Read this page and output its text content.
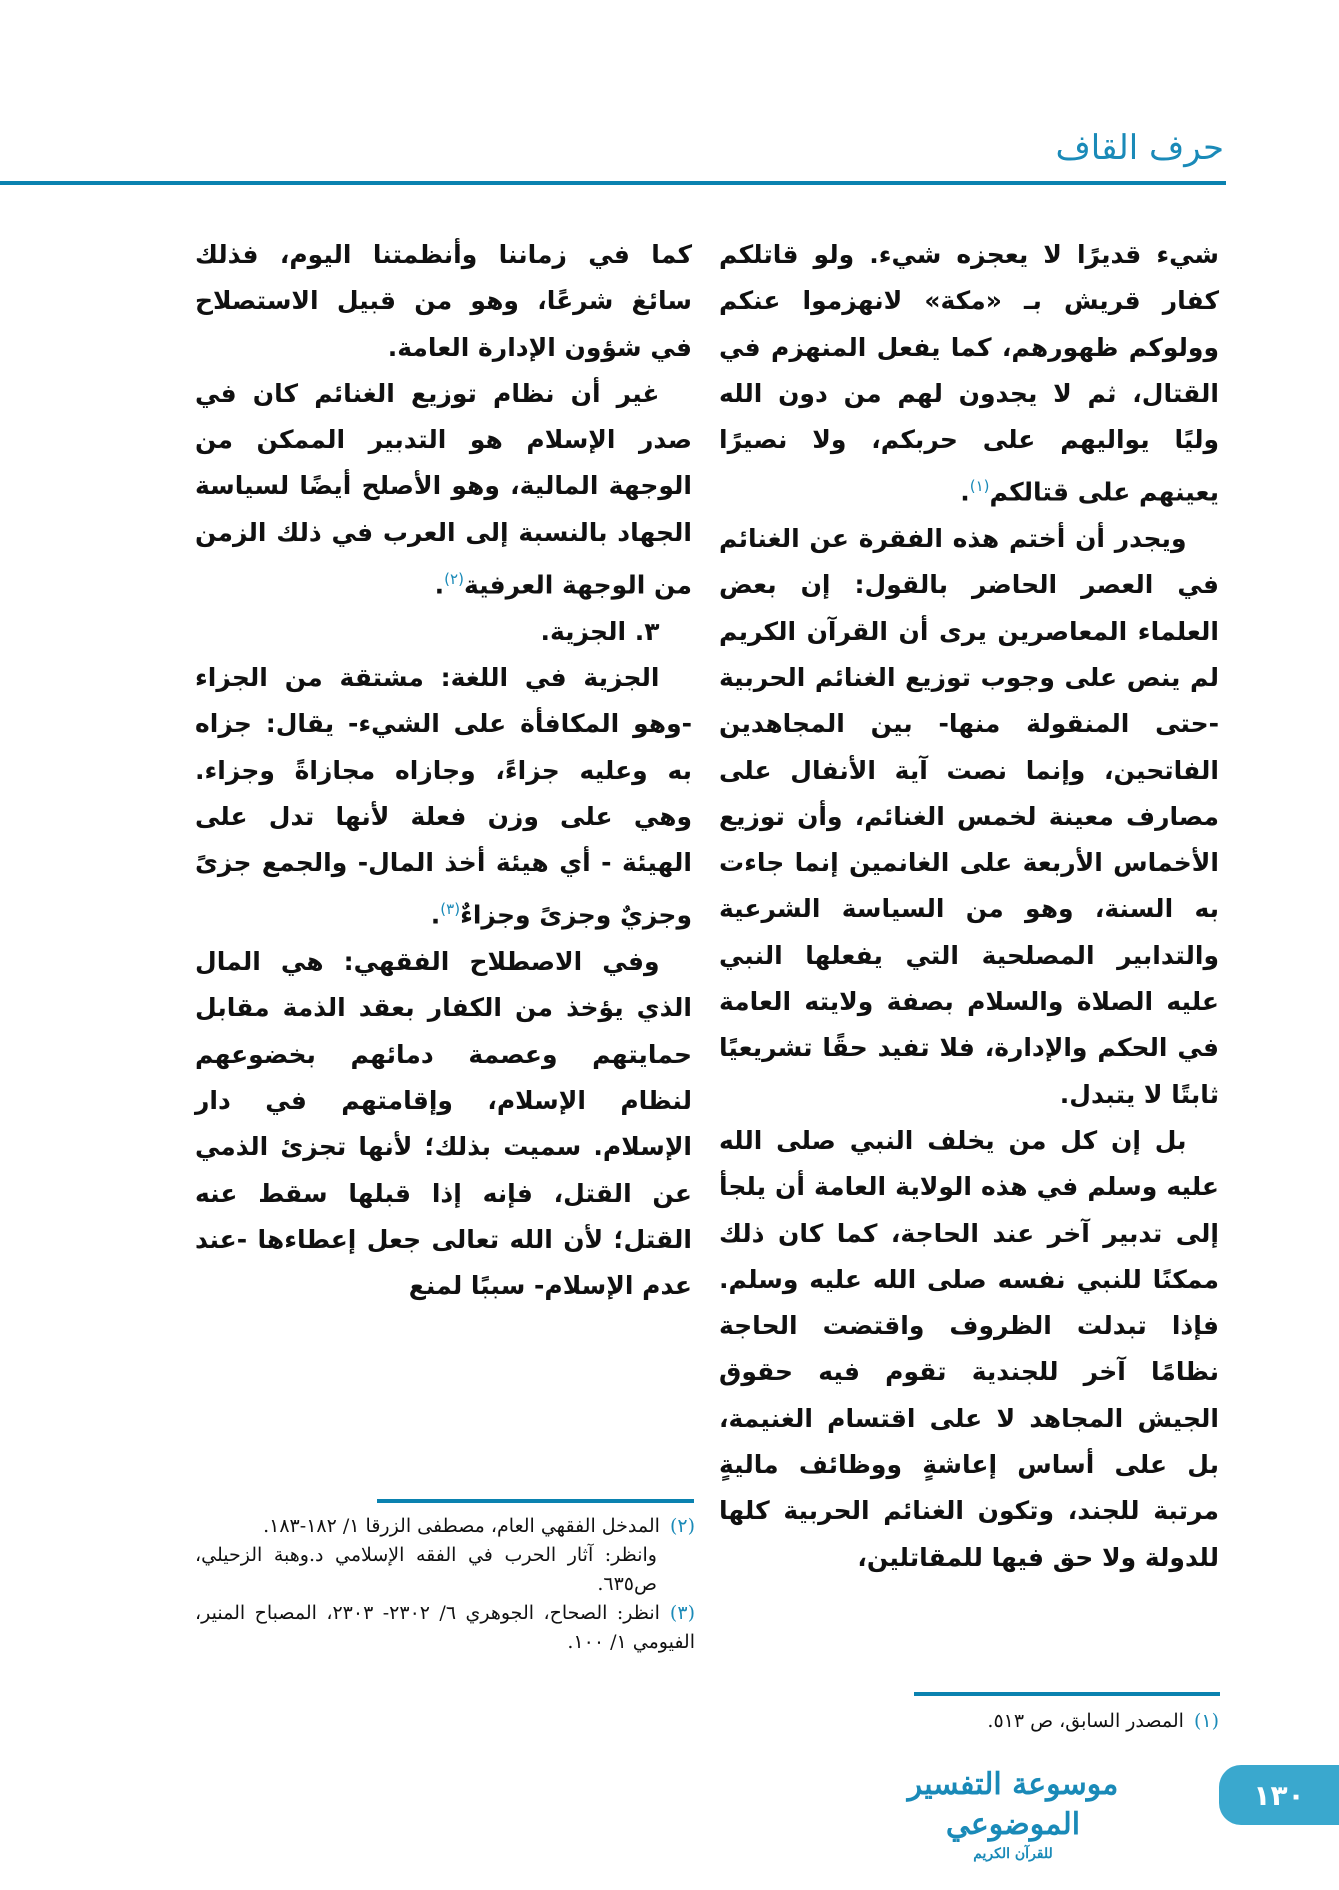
حرف القاف

شيء قديرًا لا يعجزه شيء. ولو قاتلكم كفار قريش بـ «مكة» لانهزموا عنكم وولوكم ظهورهم، كما يفعل المنهزم في القتال، ثم لا يجدون لهم من دون الله وليًا يواليهم على حربكم، ولا نصيرًا يعينهم على قتالكم$^{(١)}$.

ويجدر أن أختم هذه الفقرة عن الغنائم في العصر الحاضر بالقول: إن بعض العلماء المعاصرين يرى أن القرآن الكريم لم ينص على وجوب توزيع الغنائم الحربية -حتى المنقولة منها- بين المجاهدين الفاتحين، وإنما نصت آية الأنفال على مصارف معينة لخمس الغنائم، وأن توزيع الأخماس الأربعة على الغانمين إنما جاءت به السنة، وهو من السياسة الشرعية والتدابير المصلحية التي يفعلها النبي عليه الصلاة والسلام بصفة ولايته العامة في الحكم والإدارة، فلا تفيد حقًا تشريعيًا ثابتًا لا يتبدل.

بل إن كل من يخلف النبي صلى الله عليه وسلم في هذه الولاية العامة أن يلجأ إلى تدبير آخر عند الحاجة، كما كان ذلك ممكنًا للنبي نفسه صلى الله عليه وسلم. فإذا تبدلت الظروف واقتضت الحاجة نظامًا آخر للجندية تقوم فيه حقوق الجيش المجاهد لا على اقتسام الغنيمة، بل على أساس إعاشةٍ ووظائف ماليةٍ مرتبة للجند، وتكون الغنائم الحربية كلها للدولة ولا حق فيها للمقاتلين،

(١)المصدر السابق، ص ٥١٣.

كما في زماننا وأنظمتنا اليوم، فذلك سائغ شرعًا، وهو من قبيل الاستصلاح في شؤون الإدارة العامة.

غير أن نظام توزيع الغنائم كان في صدر الإسلام هو التدبير الممكن من الوجهة المالية، وهو الأصلح أيضًا لسياسة الجهاد بالنسبة إلى العرب في ذلك الزمن من الوجهة العرفية$^{(٢)}$.

٣. الجزية.

الجزية في اللغة: مشتقة من الجزاء -وهو المكافأة على الشيء- يقال: جزاه به وعليه جزاءً، وجازاه مجازاةً وجزاء. وهي على وزن فعلة لأنها تدل على الهيئة - أي هيئة أخذ المال- والجمع جزىً وجزيٌ وجزىً وجزاءٌ$^{(٣)}$.

وفي الاصطلاح الفقهي: هي المال الذي يؤخذ من الكفار بعقد الذمة مقابل حمايتهم وعصمة دمائهم بخضوعهم لنظام الإسلام، وإقامتهم في دار الإسلام. سميت بذلك؛ لأنها تجزئ الذمي عن القتل، فإنه إذا قبلها سقط عنه القتل؛ لأن الله تعالى جعل إعطاءها -عند عدم الإسلام- سببًا لمنع

(٢)المدخل الفقهي العام، مصطفى الزرقا ١/ ١٨٢-١٨٣.
وانظر: آثار الحرب في الفقه الإسلامي د.وهبة الزحيلي، ص٦٣٥.

(٣)انظر: الصحاح، الجوهري ٦/ ٢٣٠٢- ٢٣٠٣، المصباح المنير، الفيومي ١/ ١٠٠.

موسوعة التفسير الموضوعي
للقرآن الكريم
١٣٠
